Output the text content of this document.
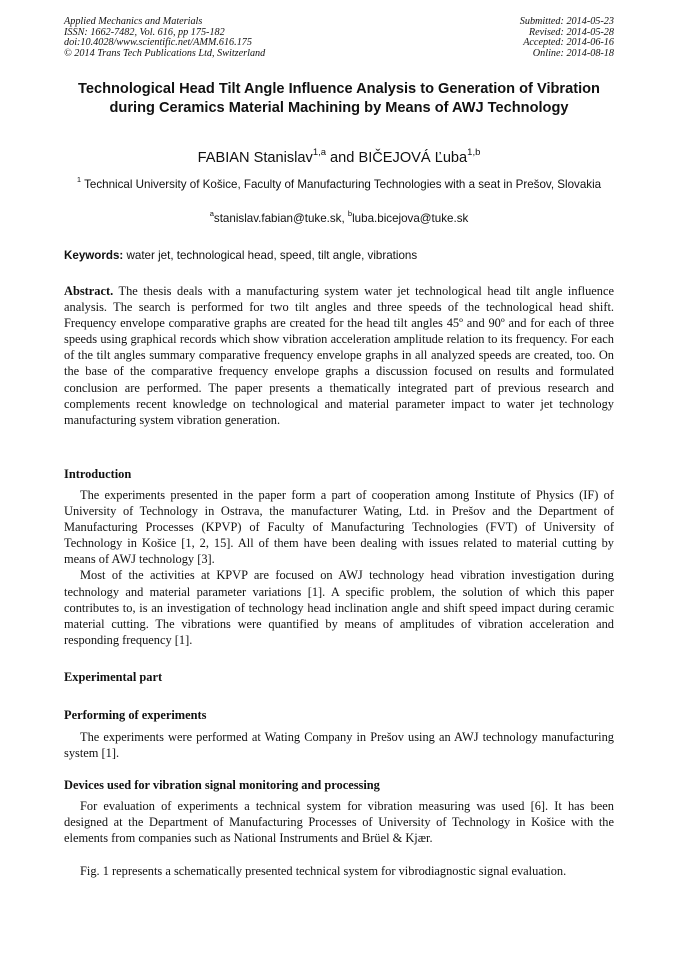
Applied Mechanics and Materials
ISSN: 1662-7482, Vol. 616, pp 175-182
doi:10.4028/www.scientific.net/AMM.616.175
© 2014 Trans Tech Publications Ltd, Switzerland
Submitted: 2014-05-23
Revised: 2014-05-28
Accepted: 2014-06-16
Online: 2014-08-18
Technological Head Tilt Angle Influence Analysis to Generation of Vibration during Ceramics Material Machining by Means of AWJ Technology
FABIAN Stanislav$^{1,a}$ and BIČEJOVÁ Ľuba$^{1,b}$
$^1$ Technical University of Košice, Faculty of Manufacturing Technologies with a seat in Prešov, Slovakia
$^a$stanislav.fabian@tuke.sk, $^b$luba.bicejova@tuke.sk
Keywords: water jet, technological head, speed, tilt angle, vibrations
Abstract. The thesis deals with a manufacturing system water jet technological head tilt angle influence analysis. The search is performed for two tilt angles and three speeds of the technological head shift. Frequency envelope comparative graphs are created for the head tilt angles 45º and 90º and for each of three speeds using graphical records which show vibration acceleration amplitude relation to its frequency. For each of the tilt angles summary comparative frequency envelope graphs in all analyzed speeds are created, too. On the base of the comparative frequency envelope graphs a discussion focused on results and formulated conclusion are performed. The paper presents a thematically integrated part of previous research and complements recent knowledge on technological and material parameter impact to water jet technology manufacturing system vibration generation.
Introduction

The experiments presented in the paper form a part of cooperation among Institute of Physics (IF) of University of Technology in Ostrava, the manufacturer Wating, Ltd. in Prešov and the Department of Manufacturing Processes (KPVP) of Faculty of Manufacturing Technologies (FVT) of University of Technology in Košice [1, 2, 15]. All of them have been dealing with issues related to material cutting by means of AWJ technology [3].

Most of the activities at KPVP are focused on AWJ technology head vibration investigation during technology and material parameter variations [1]. A specific problem, the solution of which this paper contributes to, is an investigation of technology head inclination angle and shift speed impact during ceramic material cutting. The vibrations were quantified by means of amplitudes of vibration acceleration and responding frequency [1].

Experimental part
Performing of experiments

The experiments were performed at Wating Company in Prešov using an AWJ technology manufacturing system [1].

Devices used for vibration signal monitoring and processing

For evaluation of experiments a technical system for vibration measuring was used [6]. It has been designed at the Department of Manufacturing Processes of University of Technology in Košice with the elements from companies such as National Instruments and Brüel & Kjær.

Fig. 1 represents a schematically presented technical system for vibrodiagnostic signal evaluation.
